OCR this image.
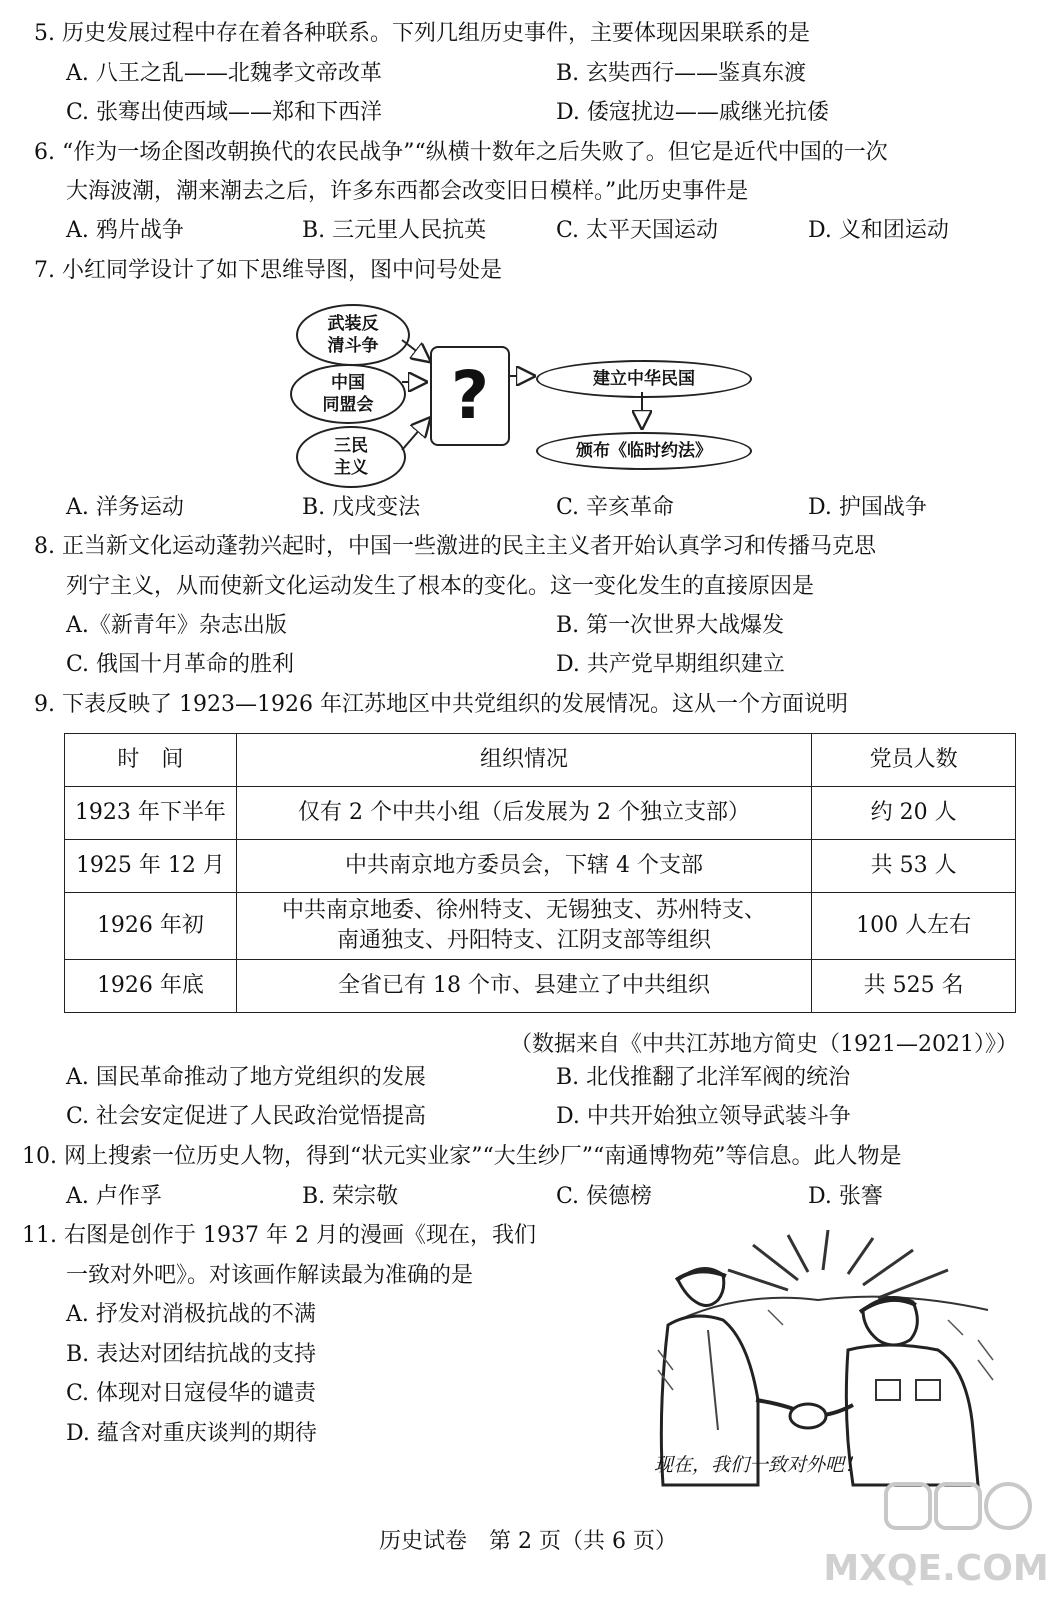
5. 历史发展过程中存在着各种联系。下列几组历史事件，主要体现因果联系的是
A. 八王之乱——北魏孝文帝改革	B. 玄奘西行——鉴真东渡
C. 张骞出使西域——郑和下西洋	D. 倭寇扰边——戚继光抗倭
6. “作为一场企图改朝换代的农民战争”“纵横十数年之后失败了。但它是近代中国的一次
大海波潮，潮来潮去之后，许多东西都会改变旧日模样。”此历史事件是
A. 鸦片战争	B. 三元里人民抗英	C. 太平天国运动	D. 义和团运动
7. 小红同学设计了如下思维导图，图中问号处是
武装反
清斗争
中国
同盟会
三民
主义
?	建立中华民国
颁布《临时约法》
A. 洋务运动	B. 戊戌变法	C. 辛亥革命	D. 护国战争
8. 正当新文化运动蓬勃兴起时，中国一些激进的民主主义者开始认真学习和传播马克思
列宁主义，从而使新文化运动发生了根本的变化。这一变化发生的直接原因是
A.《新青年》杂志出版	B. 第一次世界大战爆发
C. 俄国十月革命的胜利	D. 共产党早期组织建立
9. 下表反映了 1923—1926 年江苏地区中共党组织的发展情况。这从一个方面说明
时　间	组织情况	党员人数
1923 年下半年	仅有 2 个中共小组（后发展为 2 个独立支部）	约 20 人
1925 年 12 月	中共南京地方委员会，下辖 4 个支部	共 53 人
1926 年初	中共南京地委、徐州特支、无锡独支、苏州特支、
南通独支、丹阳特支、江阴支部等组织	100 人左右
1926 年底	全省已有 18 个市、县建立了中共组织	共 525 名
（数据来自《中共江苏地方简史（1921—2021）》）
A. 国民革命推动了地方党组织的发展	B. 北伐推翻了北洋军阀的统治
C. 社会安定促进了人民政治觉悟提高	D. 中共开始独立领导武装斗争
10. 网上搜索一位历史人物，得到“状元实业家”“大生纱厂”“南通博物苑”等信息。此人物是
A. 卢作孚	B. 荣宗敬	C. 侯德榜	D. 张謇
11. 右图是创作于 1937 年 2 月的漫画《现在，我们
一致对外吧》。对该画作解读最为准确的是
A. 抒发对消极抗战的不满
B. 表达对团结抗战的支持
C. 体现对日寇侵华的谴责
D. 蕴含对重庆谈判的期待
现在，我们一致对外吧！
MXQE.COM
历史试卷　第 2 页（共 6 页）
